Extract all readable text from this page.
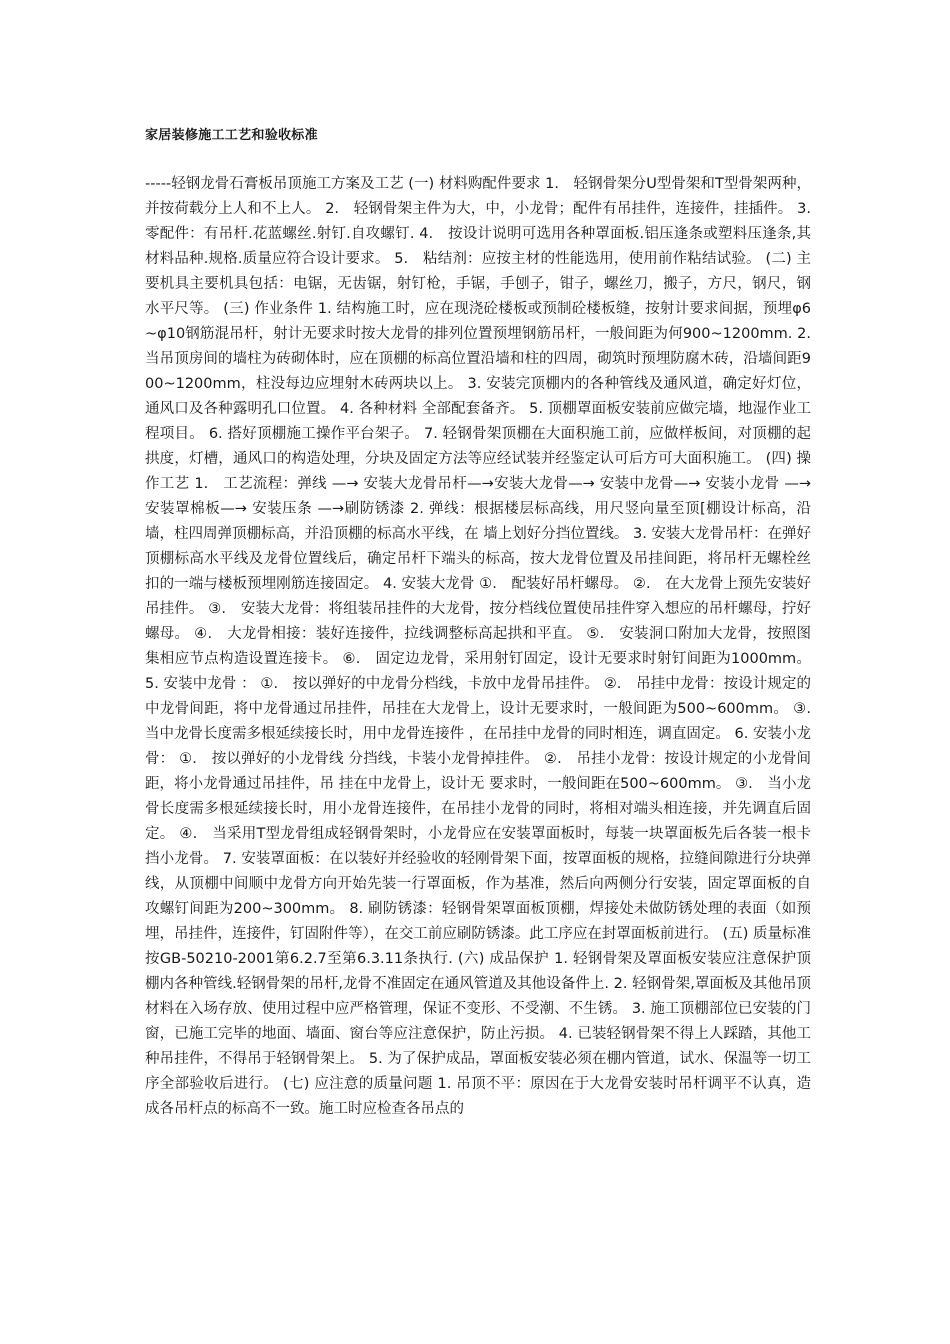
家居装修施工工艺和验收标准

-----轻钢龙骨石膏板吊顶施工方案及工艺 (一) 材料购配件要求 1.　轻钢骨架分U型骨架和T型骨架两种，并按荷载分上人和不上人。 2.　轻钢骨架主件为大，中，小龙骨；配件有吊挂件，连接件，挂插件。 3.　零配件：有吊杆.花蓝螺丝.射钉.自攻螺钉. 4.　按设计说明可选用各种罩面板.铝压逢条或塑料压逢条,其材料品种.规格.质量应符合设计要求。 5.　粘结剂：应按主材的性能选用，使用前作粘结试验。 (二) 主要机具主要机具包括：电锯，无齿锯，射钉枪，手锯，手刨子，钳子，螺丝刀，搬子，方尺，钢尺，钢水平尺等。 (三) 作业条件 1. 结构施工时，应在现浇砼楼板或预制砼楼板缝，按射计要求间据，预埋φ6~φ10钢筋混吊杆，射计无要求时按大龙骨的排列位置预埋钢筋吊杆，一般间距为何900~1200mm. 2. 当吊顶房间的墙柱为砖砌体时，应在顶棚的标高位置沿墙和柱的四周，砌筑时预埋防腐木砖，沿墙间距900~1200mm，柱没每边应埋射木砖两块以上。 3. 安装完顶棚内的各种管线及通风道，确定好灯位，通风口及各种露明孔口位置。 4. 各种材料 全部配套备齐。 5. 顶棚罩面板安装前应做完墙，地湿作业工程项目。 6. 搭好顶棚施工操作平台架子。 7. 轻钢骨架顶棚在大面积施工前，应做样板间，对顶棚的起拱度，灯槽，通风口的构造处理，分块及固定方法等应经试装并经鉴定认可后方可大面积施工。 (四) 操作工艺 1.　工艺流程：弹线 —→ 安装大龙骨吊杆—→安装大龙骨—→ 安装中龙骨—→ 安装小龙骨 —→安装罩棉板—→ 安装压条 —→刷防锈漆 2. 弹线：根据楼层标高线，用尺竖向量至顶[棚设计标高，沿墙，柱四周弹顶棚标高，并沿顶棚的标高水平线，在 墙上划好分挡位置线。 3. 安装大龙骨吊杆：在弹好顶棚标高水平线及龙骨位置线后，确定吊杆下端头的标高，按大龙骨位置及吊挂间距，将吊杆无螺栓丝扣的一端与楼板预埋刚筋连接固定。 4. 安装大龙骨 ①.　配装好吊杆螺母。 ②.　在大龙骨上预先安装好吊挂件。 ③.　安装大龙骨：将组装吊挂件的大龙骨，按分档线位置使吊挂件穿入想应的吊杆螺母，拧好螺母。 ④.　大龙骨相接：装好连接件，拉线调整标高起拱和平直。 ⑤.　安装洞口附加大龙骨，按照图集相应节点构造设置连接卡。 ⑥.　固定边龙骨，采用射钉固定，设计无要求时射钉间距为1000mm。 5. 安装中龙骨 ： ①.　按以弹好的中龙骨分档线，卡放中龙骨吊挂件。 ②.　吊挂中龙骨：按设计规定的中龙骨间距，将中龙骨通过吊挂件，吊挂在大龙骨上，设计无要求时，一般间距为500~600mm。 ③.　当中龙骨长度需多根延续接长时，用中龙骨连接件 ，在吊挂中龙骨的同时相连，调直固定。 6. 安装小龙骨： ①.　按以弹好的小龙骨线 分挡线，卡装小龙骨掉挂件。 ②.　吊挂小龙骨：按设计规定的小龙骨间距，将小龙骨通过吊挂件，吊 挂在中龙骨上，设计无 要求时，一般间距在500~600mm。 ③.　当小龙骨长度需多根延续接长时，用小龙骨连接件，在吊挂小龙骨的同时，将相对端头相连接，并先调直后固定。 ④.　当采用T型龙骨组成轻钢骨架时，小龙骨应在安装罩面板时，每装一块罩面板先后各装一根卡挡小龙骨。 7. 安装罩面板：在以装好并经验收的轻刚骨架下面，按罩面板的规格，拉缝间隙进行分块弹线，从顶棚中间顺中龙骨方向开始先装一行罩面板，作为基准，然后向两侧分行安装，固定罩面板的自攻螺钉间距为200~300mm。 8. 刷防锈漆：轻钢骨架罩面板顶棚，焊接处未做防锈处理的表面（如预埋，吊挂件，连接件，钉固附件等），在交工前应刷防锈漆。此工序应在封罩面板前进行。 (五) 质量标准按GB-50210-2001第6.2.7至第6.3.11条执行. (六) 成品保护 1. 轻钢骨架及罩面板安装应注意保护顶棚内各种管线.轻钢骨架的吊杆,龙骨不准固定在通风管道及其他设备件上. 2. 轻钢骨架,罩面板及其他吊顶材料在入场存放、使用过程中应严格管理，保证不变形、不受潮、不生锈。 3. 施工顶棚部位已安装的门窗，已施工完毕的地面、墙面、窗台等应注意保护，防止污损。 4. 已装轻钢骨架不得上人踩踏，其他工种吊挂件，不得吊于轻钢骨架上。 5. 为了保护成品，罩面板安装必须在棚内管道，试水、保温等一切工序全部验收后进行。 (七) 应注意的质量问题 1. 吊顶不平：原因在于大龙骨安装时吊杆调平不认真，造成各吊杆点的标高不一致。施工时应检查各吊点的
